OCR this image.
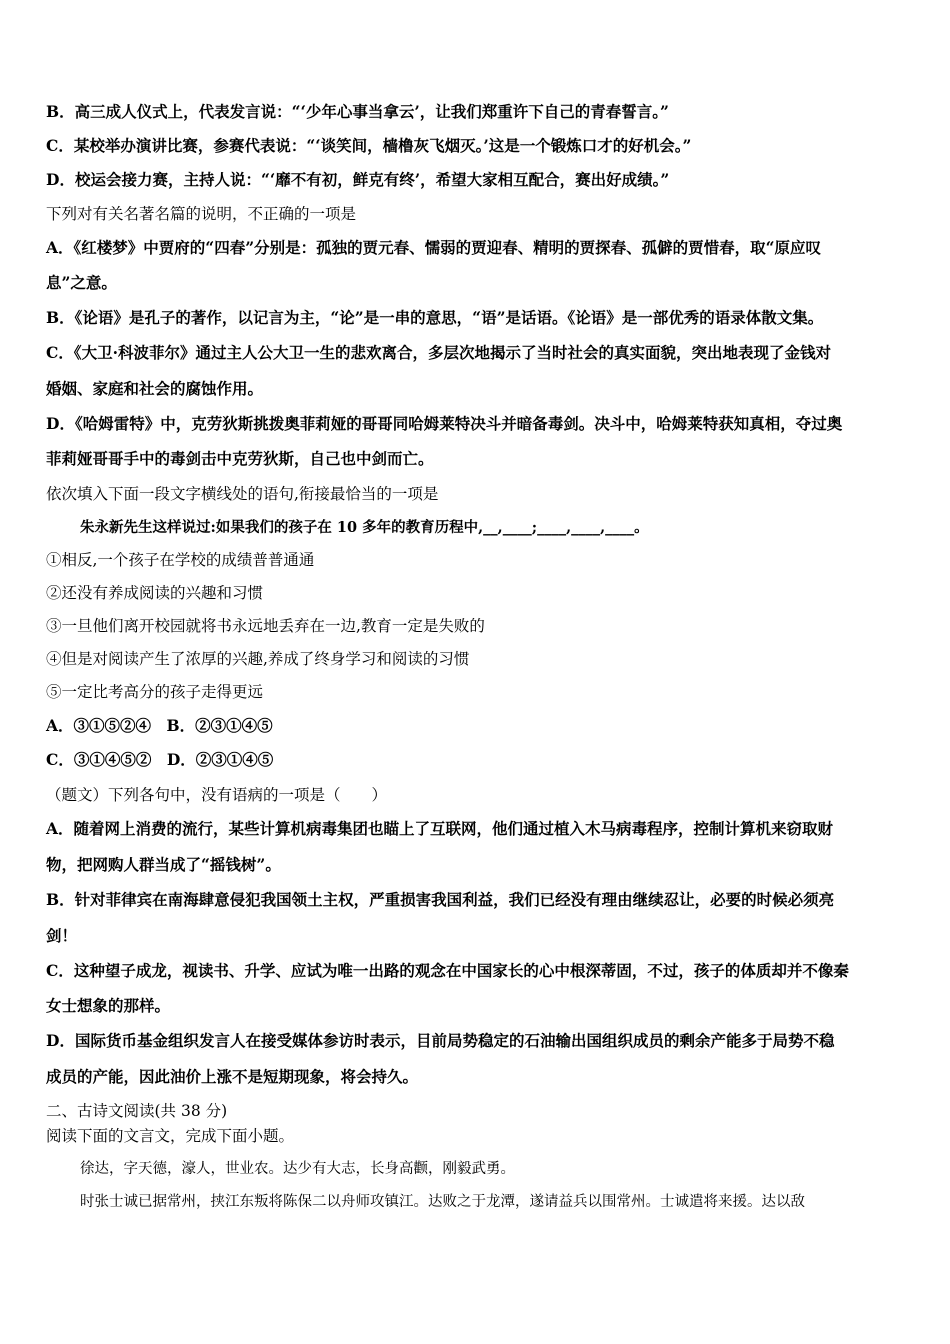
B．高三成人仪式上，代表发言说：“‘少年心事当拿云’，让我们郑重许下自己的青春誓言。”
C．某校举办演讲比赛，参赛代表说：“‘谈笑间，樯橹灰飞烟灭。’这是一个锻炼口才的好机会。”
D．校运会接力赛，主持人说：“‘靡不有初，鲜克有终’，希望大家相互配合，赛出好成绩。”
下列对有关名著名篇的说明，不正确的一项是
A．《红楼梦》中贾府的“四春”分别是：孤独的贾元春、懦弱的贾迎春、精明的贾探春、孤僻的贾惜春，取“原应叹
息”之意。
B．《论语》是孔子的著作，以记言为主，“论”是一串的意思，“语”是话语。《论语》是一部优秀的语录体散文集。
C．《大卫·科波菲尔》通过主人公大卫一生的悲欢离合，多层次地揭示了当时社会的真实面貌，突出地表现了金钱对
婚姻、家庭和社会的腐蚀作用。
D．《哈姆雷特》中，克劳狄斯挑拨奥菲莉娅的哥哥同哈姆莱特决斗并暗备毒剑。决斗中，哈姆莱特获知真相，夺过奥
菲莉娅哥哥手中的毒剑击中克劳狄斯，自己也中剑而亡。
依次填入下面一段文字横线处的语句,衔接最恰当的一项是
朱永新先生这样说过:如果我们的孩子在 10 多年的教育历程中,__,____;____,____,____。
①相反,一个孩子在学校的成绩普普通通
②还没有养成阅读的兴趣和习惯
③一旦他们离开校园就将书永远地丢弃在一边,教育一定是失败的
④但是对阅读产生了浓厚的兴趣,养成了终身学习和阅读的习惯
⑤一定比考高分的孩子走得更远
A．③①⑤②④　B．②③①④⑤
C．③①④⑤②　D．②③①④⑤
（题文）下列各句中，没有语病的一项是（　　）
A．随着网上消费的流行，某些计算机病毒集团也瞄上了互联网，他们通过植入木马病毒程序，控制计算机来窃取财
物，把网购人群当成了“摇钱树”。
B．针对菲律宾在南海肆意侵犯我国领土主权，严重损害我国利益，我们已经没有理由继续忍让，必要的时候必须亮
剑！
C．这种望子成龙，视读书、升学、应试为唯一出路的观念在中国家长的心中根深蒂固，不过，孩子的体质却并不像秦
女士想象的那样。
D．国际货币基金组织发言人在接受媒体参访时表示，目前局势稳定的石油输出国组织成员的剩余产能多于局势不稳
成员的产能，因此油价上涨不是短期现象，将会持久。
二、古诗文阅读(共 38 分)
阅读下面的文言文，完成下面小题。
徐达，字天德，濠人，世业农。达少有大志，长身高颧，刚毅武勇。
时张士诚已据常州，挟江东叛将陈保二以舟师攻镇江。达败之于龙潭，遂请益兵以围常州。士诚遣将来援。达以敌
